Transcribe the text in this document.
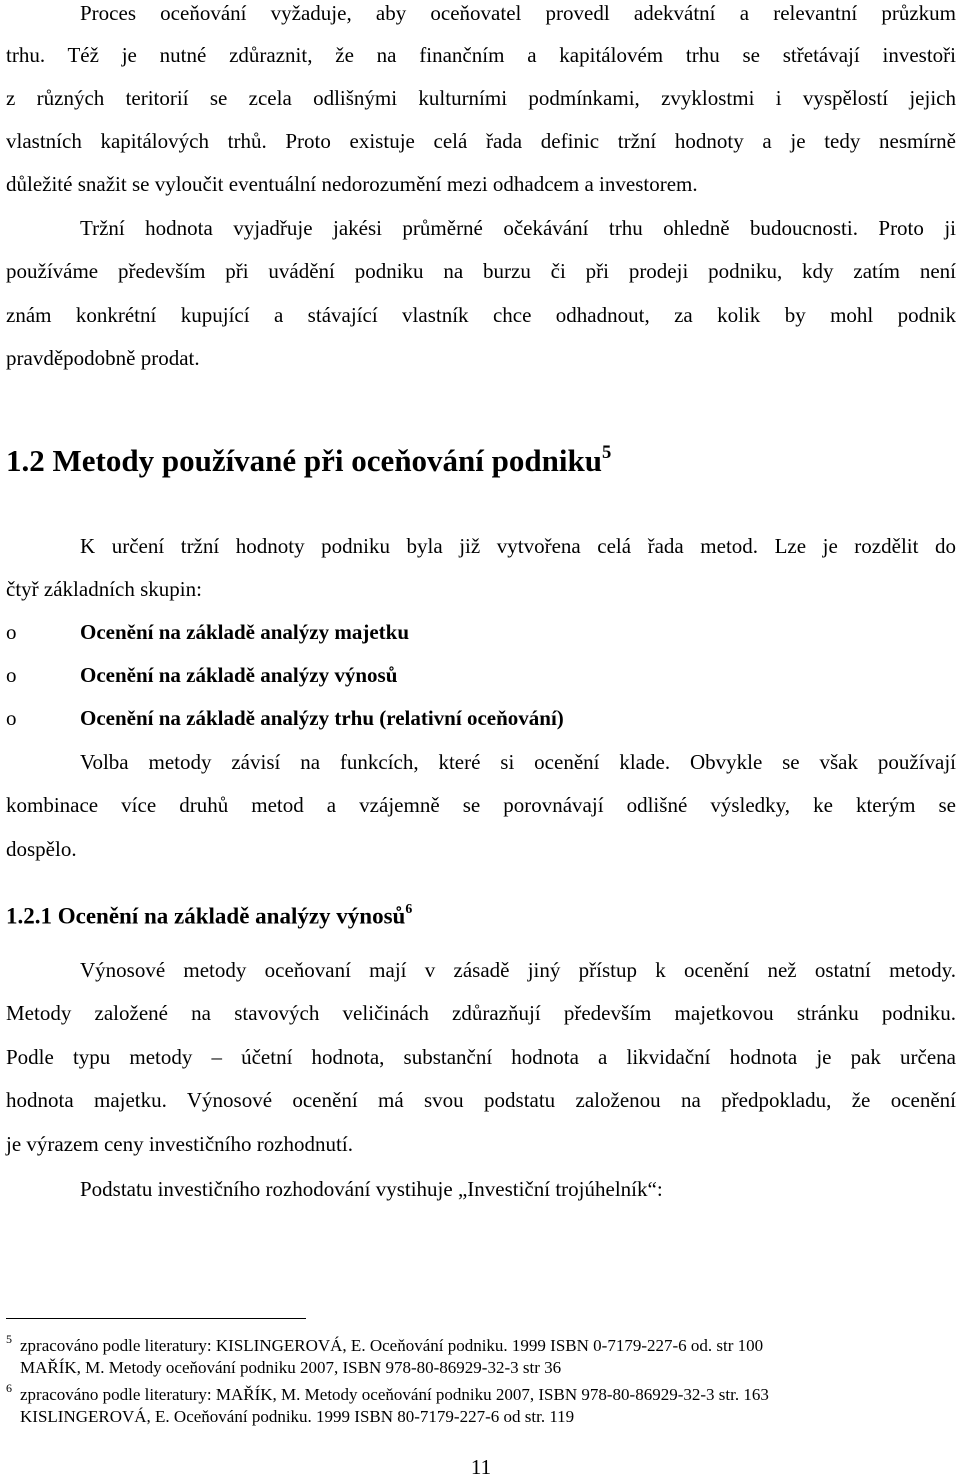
Proces oceňování vyžaduje, aby oceňovatel provedl adekvátní a relevantní průzkum
trhu. Též je nutné zdůraznit, že na finančním a kapitálovém trhu se střetávají investoři
z různých teritorií se zcela odlišnými kulturními podmínkami, zvyklostmi i vyspělostí jejich
vlastních kapitálových trhů. Proto existuje celá řada definic tržní hodnoty a je tedy nesmírně
důležité snažit se vyloučit eventuální nedorozumění mezi odhadcem a investorem.
Tržní hodnota vyjadřuje jakési průměrné očekávání trhu ohledně budoucnosti. Proto ji
používáme především při uvádění podniku na burzu či při prodeji podniku, kdy zatím není
znám konkrétní kupující a stávající vlastník chce odhadnout, za kolik by mohl podnik
pravděpodobně prodat.
1.2 Metody používané při oceňování podniku$^5$
K určení tržní hodnoty podniku byla již vytvořena celá řada metod. Lze je rozdělit do
čtyř základních skupin:
o	Ocenění na základě analýzy majetku
o	Ocenění na základě analýzy výnosů
o	Ocenění na základě analýzy trhu (relativní oceňování)
Volba metody závisí na funkcích, které si ocenění klade. Obvykle se však používají
kombinace více druhů metod a vzájemně se porovnávají odlišné výsledky, ke kterým se
dospělo.
1.2.1 Ocenění na základě analýzy výnosů$^6$
Výnosové metody oceňovaní mají v zásadě jiný přístup k ocenění než ostatní metody.
Metody založené na stavových veličinách zdůrazňují především majetkovou stránku podniku.
Podle typu metody – účetní hodnota, substanční hodnota a likvidační hodnota je pak určena
hodnota majetku. Výnosové ocenění má svou podstatu založenou na předpokladu, že ocenění
je výrazem ceny investičního rozhodnutí.
Podstatu investičního rozhodování vystihuje „Investiční trojúhelník“:
5 zpracováno podle literatury: KISLINGEROVÁ, E. Oceňování podniku. 1999 ISBN 0-7179-227-6 od. str 100
MAŘÍK, M. Metody oceňování podniku 2007, ISBN 978-80-86929-32-3 str 36
6 zpracováno podle literatury: MAŘÍK, M. Metody oceňování podniku 2007, ISBN 978-80-86929-32-3 str. 163
KISLINGEROVÁ, E. Oceňování podniku. 1999 ISBN 80-7179-227-6 od str. 119
11
